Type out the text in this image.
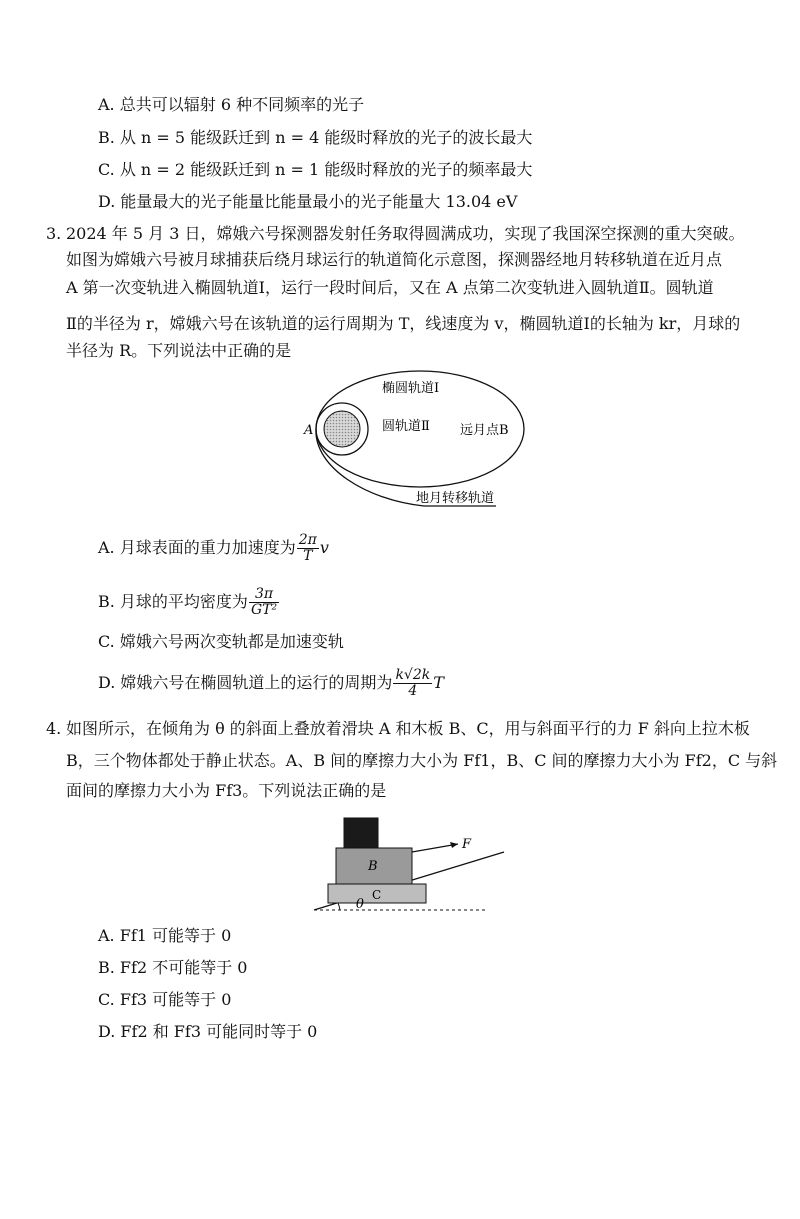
A. 总共可以辐射 6 种不同频率的光子
B. 从 n = 5 能级跃迁到 n = 4 能级时释放的光子的波长最大
C. 从 n = 2 能级跃迁到 n = 1 能级时释放的光子的频率最大
D. 能量最大的光子能量比能量最小的光子能量大 13.04 eV
3. 2024 年 5 月 3 日，嫦娥六号探测器发射任务取得圆满成功，实现了我国深空探测的重大突破。
如图为嫦娥六号被月球捕获后绕月球运行的轨道简化示意图，探测器经地月转移轨道在近月点
A 第一次变轨进入椭圆轨道Ⅰ，运行一段时间后，又在 A 点第二次变轨进入圆轨道Ⅱ。圆轨道
Ⅱ的半径为 r，嫦娥六号在该轨道的运行周期为 T，线速度为 v，椭圆轨道Ⅰ的长轴为 kr，月球的
半径为 R。下列说法中正确的是
椭圆轨道Ⅰ
圆轨道Ⅱ
A	远月点B
地月转移轨道
A. 月球表面的重力加速度为 $\frac{2\pi}{T}$ v
B. 月球的平均密度为 $\frac{3\pi}{\text{GT²}}$
C. 嫦娥六号两次变轨都是加速变轨
D. 嫦娥六号在椭圆轨道上的运行的周期为 $\frac{k√2k}{4}$ T
4. 如图所示，在倾角为 θ 的斜面上叠放着滑块 A 和木板 B、C，用与斜面平行的力 F 斜向上拉木板
B，三个物体都处于静止状态。A、B 间的摩擦力大小为 Ff1，B、C 间的摩擦力大小为 Ff2，C 与斜
面间的摩擦力大小为 Ff3。下列说法正确的是
F
B
C
θ
A. Ff1 可能等于 0
B. Ff2 不可能等于 0
C. Ff3 可能等于 0
D. Ff2 和 Ff3 可能同时等于 0
